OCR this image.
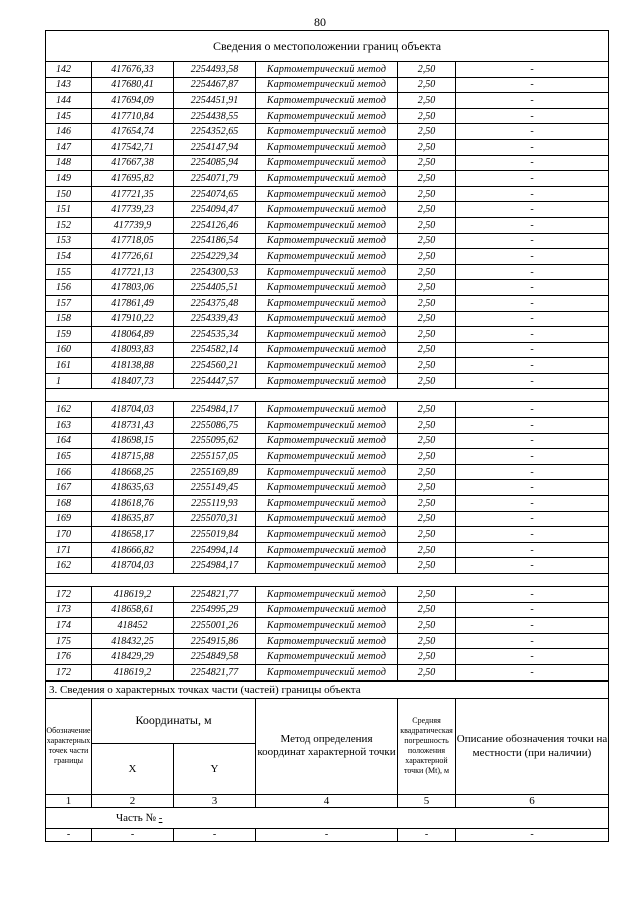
80
Сведения о местоположении границ объекта					
142	417676,33	2254493,58	Картометрический метод	2,50	-
143	417680,41	2254467,87	Картометрический метод	2,50	-
144	417694,09	2254451,91	Картометрический метод	2,50	-
145	417710,84	2254438,55	Картометрический метод	2,50	-
146	417654,74	2254352,65	Картометрический метод	2,50	-
147	417542,71	2254147,94	Картометрический метод	2,50	-
148	417667,38	2254085,94	Картометрический метод	2,50	-
149	417695,82	2254071,79	Картометрический метод	2,50	-
150	417721,35	2254074,65	Картометрический метод	2,50	-
151	417739,23	2254094,47	Картометрический метод	2,50	-
152	417739,9	2254126,46	Картометрический метод	2,50	-
153	417718,05	2254186,54	Картометрический метод	2,50	-
154	417726,61	2254229,34	Картометрический метод	2,50	-
155	417721,13	2254300,53	Картометрический метод	2,50	-
156	417803,06	2254405,51	Картометрический метод	2,50	-
157	417861,49	2254375,48	Картометрический метод	2,50	-
158	417910,22	2254339,43	Картометрический метод	2,50	-
159	418064,89	2254535,34	Картометрический метод	2,50	-
160	418093,83	2254582,14	Картометрический метод	2,50	-
161	418138,88	2254560,21	Картометрический метод	2,50	-
1	418407,73	2254447,57	Картометрический метод	2,50	-

162	418704,03	2254984,17	Картометрический метод	2,50	-
163	418731,43	2255086,75	Картометрический метод	2,50	-
164	418698,15	2255095,62	Картометрический метод	2,50	-
165	418715,88	2255157,05	Картометрический метод	2,50	-
166	418668,25	2255169,89	Картометрический метод	2,50	-
167	418635,63	2255149,45	Картометрический метод	2,50	-
168	418618,76	2255119,93	Картометрический метод	2,50	-
169	418635,87	2255070,31	Картометрический метод	2,50	-
170	418658,17	2255019,84	Картометрический метод	2,50	-
171	418666,82	2254994,14	Картометрический метод	2,50	-
162	418704,03	2254984,17	Картометрический метод	2,50	-

172	418619,2	2254821,77	Картометрический метод	2,50	-
173	418658,61	2254995,29	Картометрический метод	2,50	-
174	418452	2255001,26	Картометрический метод	2,50	-
175	418432,25	2254915,86	Картометрический метод	2,50	-
176	418429,29	2254849,58	Картометрический метод	2,50	-
172	418619,2	2254821,77	Картометрический метод	2,50	-
3. Сведения о характерных точках части (частей) границы объекта					
Обозначение характерных точек части границы	Координаты, м		Метод определения координат характерной точки	Средняя квадратическая погрешность положения характерной точки (Mt), м	Описание обозначения точки на местности (при наличии)
	X	Y			
1	2	3	4	5	6
Часть № -					
-	-	-	-	-	-
